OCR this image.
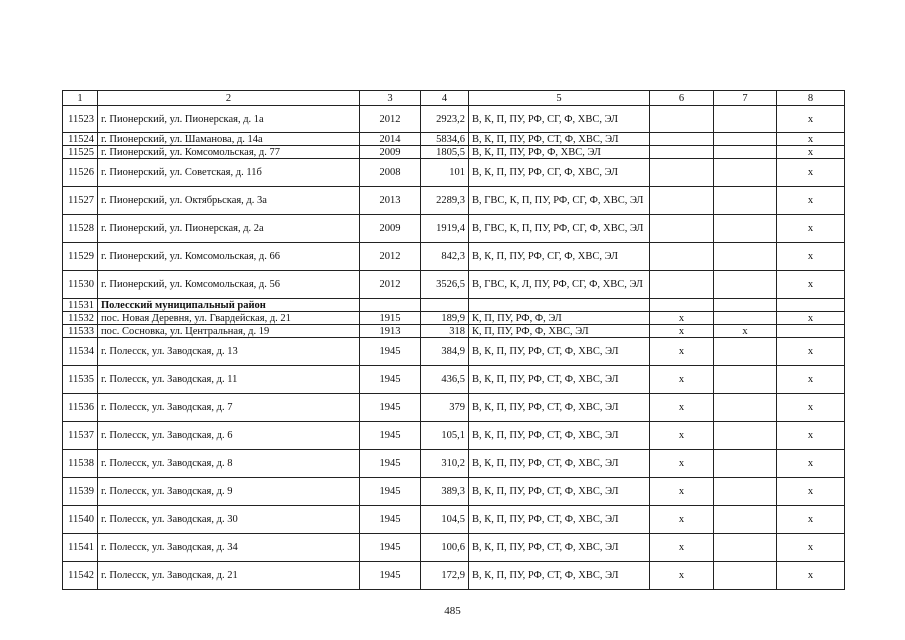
1	2	3	4	5	6	7	8
11523	г. Пионерский, ул. Пионерская, д. 1а	2012	2923,2	В, К, П, ПУ, РФ, СГ, Ф, ХВС, ЭЛ			х
11524	г. Пионерский, ул. Шаманова, д. 14а	2014	5834,6	В, К, П, ПУ, РФ, СТ, Ф, ХВС, ЭЛ			х
11525	г. Пионерский, ул. Комсомольская, д. 77	2009	1805,5	В, К, П, ПУ, РФ, Ф, ХВС, ЭЛ			х
11526	г. Пионерский, ул. Советская, д. 11б	2008	101	В, К, П, ПУ, РФ, СГ, Ф, ХВС, ЭЛ			х
11527	г. Пионерский, ул. Октябрьская, д. 3а	2013	2289,3	В, ГВС, К, П, ПУ, РФ, СГ, Ф, ХВС, ЭЛ			х
11528	г. Пионерский, ул. Пионерская, д. 2а	2009	1919,4	В, ГВС, К, П, ПУ, РФ, СГ, Ф, ХВС, ЭЛ			х
11529	г. Пионерский, ул. Комсомольская, д. 66	2012	842,3	В, К, П, ПУ, РФ, СГ, Ф, ХВС, ЭЛ			х
11530	г. Пионерский, ул. Комсомольская, д. 56	2012	3526,5	В, ГВС, К, Л, ПУ, РФ, СГ, Ф, ХВС, ЭЛ			х
11531	Полесский муниципальный район						
11532	пос. Новая Деревня, ул. Гвардейская, д. 21	1915	189,9	К, П, ПУ, РФ, Ф, ЭЛ	х		х
11533	пос. Сосновка, ул. Центральная, д. 19	1913	318	К, П, ПУ, РФ, Ф, ХВС, ЭЛ	х	х	
11534	г. Полесск, ул. Заводская, д. 13	1945	384,9	В, К, П, ПУ, РФ, СТ, Ф, ХВС, ЭЛ	х		х
11535	г. Полесск, ул. Заводская, д. 11	1945	436,5	В, К, П, ПУ, РФ, СТ, Ф, ХВС, ЭЛ	х		х
11536	г. Полесск, ул. Заводская, д. 7	1945	379	В, К, П, ПУ, РФ, СТ, Ф, ХВС, ЭЛ	х		х
11537	г. Полесск, ул. Заводская, д. 6	1945	105,1	В, К, П, ПУ, РФ, СТ, Ф, ХВС, ЭЛ	х		х
11538	г. Полесск, ул. Заводская, д. 8	1945	310,2	В, К, П, ПУ, РФ, СТ, Ф, ХВС, ЭЛ	х		х
11539	г. Полесск, ул. Заводская, д. 9	1945	389,3	В, К, П, ПУ, РФ, СТ, Ф, ХВС, ЭЛ	х		х
11540	г. Полесск, ул. Заводская, д. 30	1945	104,5	В, К, П, ПУ, РФ, СТ, Ф, ХВС, ЭЛ	х		х
11541	г. Полесск, ул. Заводская, д. 34	1945	100,6	В, К, П, ПУ, РФ, СТ, Ф, ХВС, ЭЛ	х		х
11542	г. Полесск, ул. Заводская, д. 21	1945	172,9	В, К, П, ПУ, РФ, СТ, Ф, ХВС, ЭЛ	х		х
485
